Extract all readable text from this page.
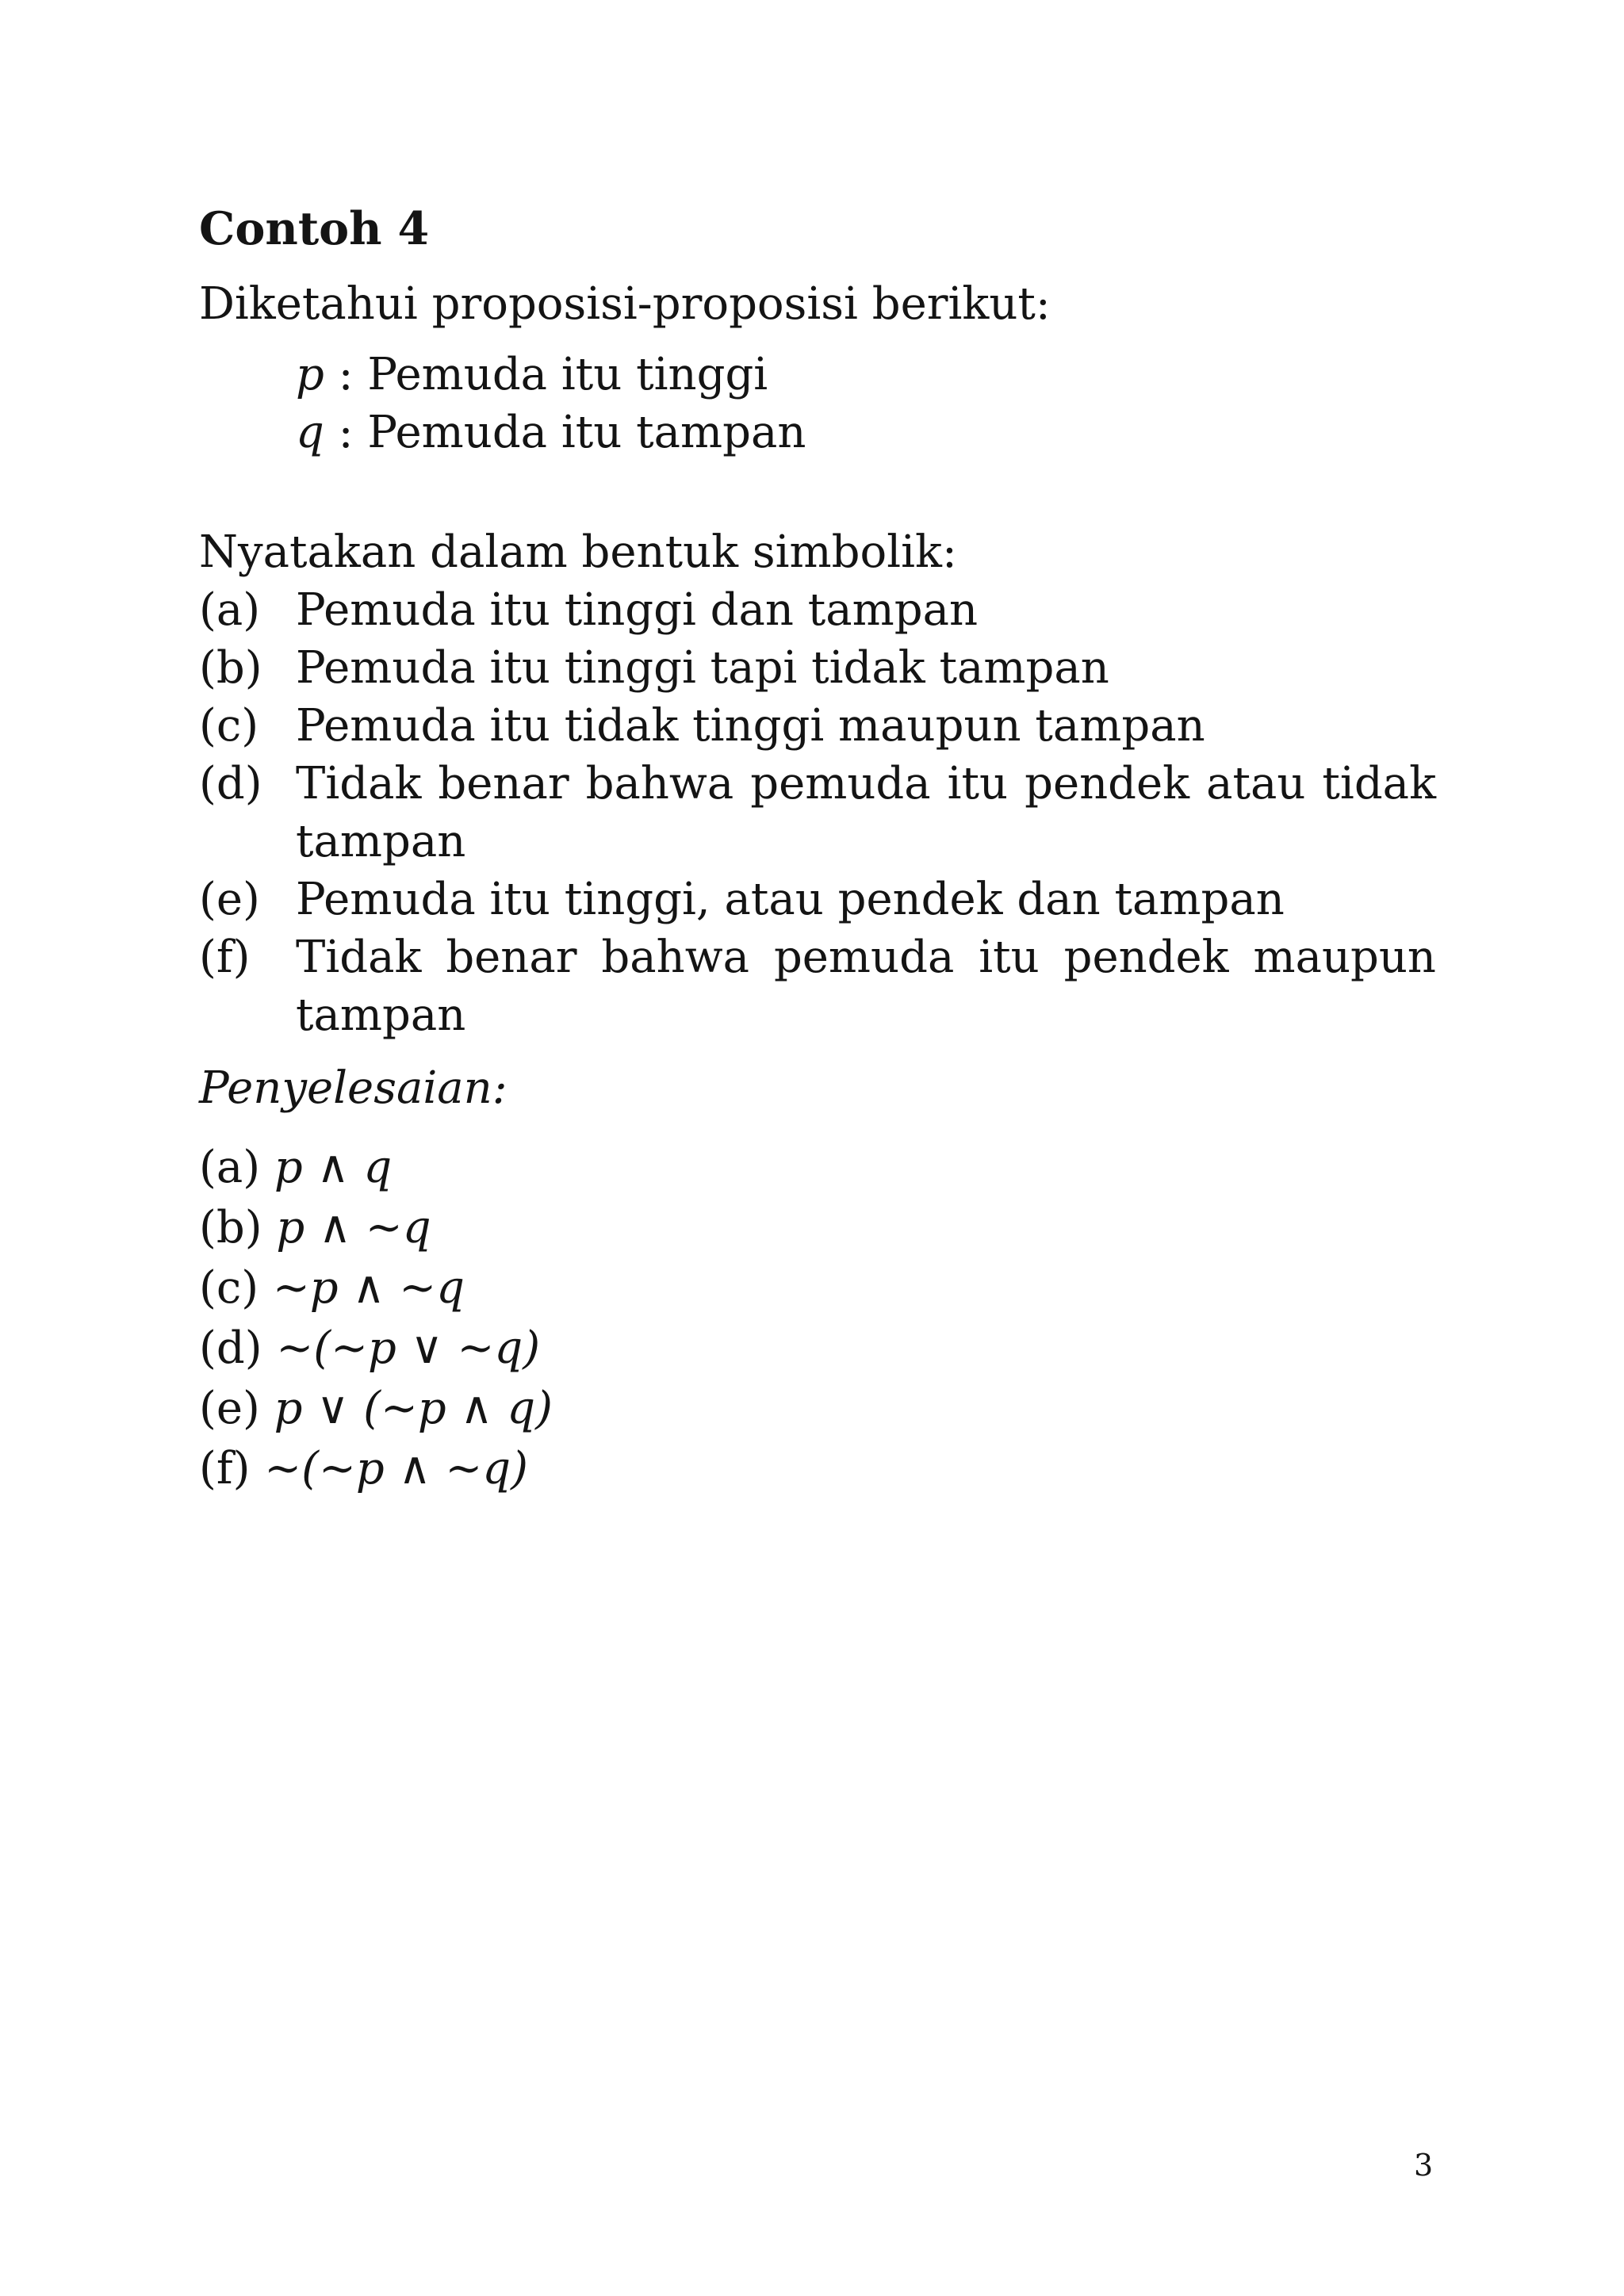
Contoh 4

Diketahui proposisi-proposisi berikut:

p : Pemuda itu tinggi
q : Pemuda itu tampan

Nyatakan dalam bentuk simbolik:

(a) Pemuda itu tinggi dan tampan
(b) Pemuda itu tinggi tapi tidak tampan
(c) Pemuda itu tidak tinggi maupun tampan
(d) Tidak benar bahwa pemuda itu pendek atau tidak
tampan
(e) Pemuda itu tinggi, atau pendek dan tampan
(f) Tidak benar bahwa pemuda itu pendek maupun
tampan

Penyelesaian:

(a) p ∧ q
(b) p ∧ ~q
(c) ~p ∧ ~q
(d) ~(~p ∨ ~q)
(e) p ∨ (~p ∧ q)
(f) ~(~p ∧ ~q)
3
